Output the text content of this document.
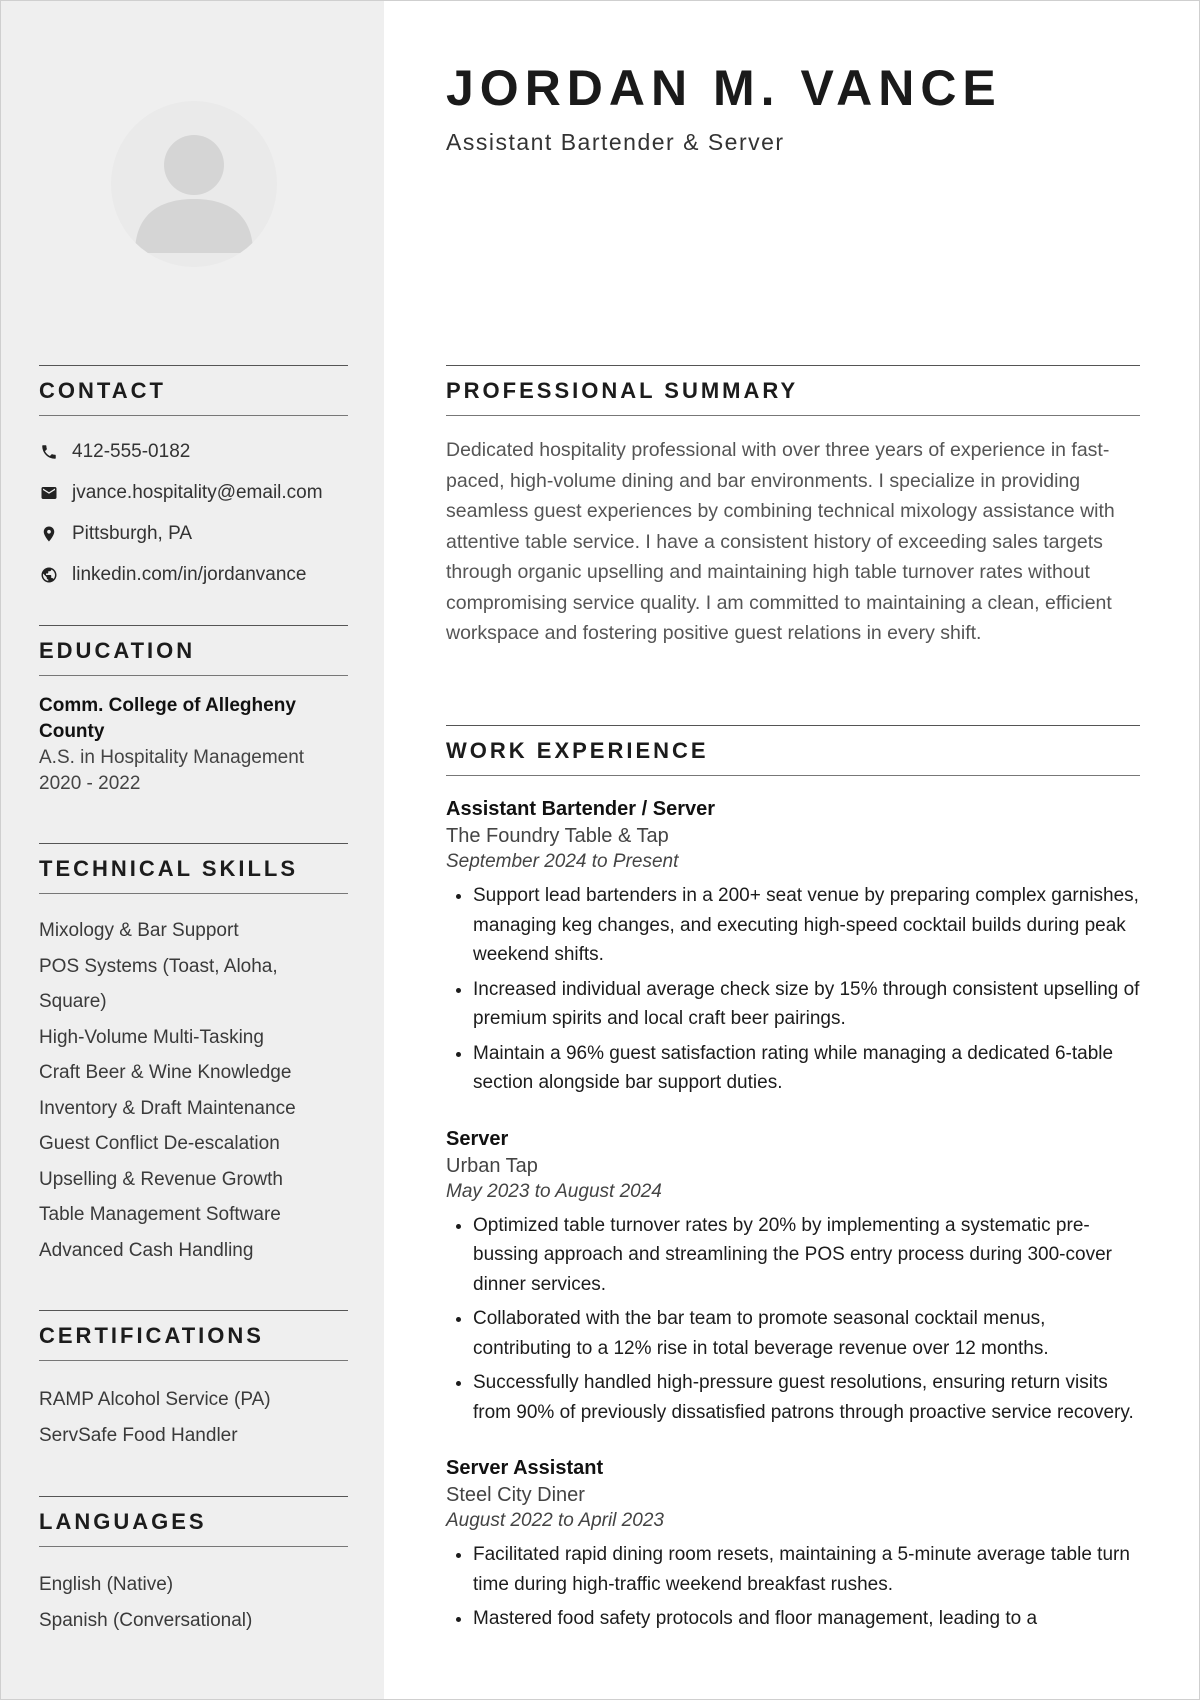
CONTACT
412-555-0182
jvance.hospitality@email.com
Pittsburgh, PA
linkedin.com/in/jordanvance
EDUCATION
Comm. College of Allegheny County
A.S. in Hospitality Management
2020 - 2022
TECHNICAL SKILLS
Mixology & Bar Support
POS Systems (Toast, Aloha, Square)
High-Volume Multi-Tasking
Craft Beer & Wine Knowledge
Inventory & Draft Maintenance
Guest Conflict De-escalation
Upselling & Revenue Growth
Table Management Software
Advanced Cash Handling
CERTIFICATIONS
RAMP Alcohol Service (PA)
ServSafe Food Handler
LANGUAGES
English (Native)
Spanish (Conversational)
JORDAN M. VANCE
Assistant Bartender & Server
PROFESSIONAL SUMMARY
Dedicated hospitality professional with over three years of experience in fast-paced, high-volume dining and bar environments. I specialize in providing seamless guest experiences by combining technical mixology assistance with attentive table service. I have a consistent history of exceeding sales targets through organic upselling and maintaining high table turnover rates without compromising service quality. I am committed to maintaining a clean, efficient workspace and fostering positive guest relations in every shift.
WORK EXPERIENCE
Assistant Bartender / Server
The Foundry Table & Tap
September 2024 to Present
• Support lead bartenders in a 200+ seat venue by preparing complex garnishes, managing keg changes, and executing high-speed cocktail builds during peak weekend shifts.
• Increased individual average check size by 15% through consistent upselling of premium spirits and local craft beer pairings.
• Maintain a 96% guest satisfaction rating while managing a dedicated 6-table section alongside bar support duties.
Server
Urban Tap
May 2023 to August 2024
• Optimized table turnover rates by 20% by implementing a systematic pre-bussing approach and streamlining the POS entry process during 300-cover dinner services.
• Collaborated with the bar team to promote seasonal cocktail menus, contributing to a 12% rise in total beverage revenue over 12 months.
• Successfully handled high-pressure guest resolutions, ensuring return visits from 90% of previously dissatisfied patrons through proactive service recovery.
Server Assistant
Steel City Diner
August 2022 to April 2023
• Facilitated rapid dining room resets, maintaining a 5-minute average table turn time during high-traffic weekend breakfast rushes.
• Mastered food safety protocols and floor management, leading to a
